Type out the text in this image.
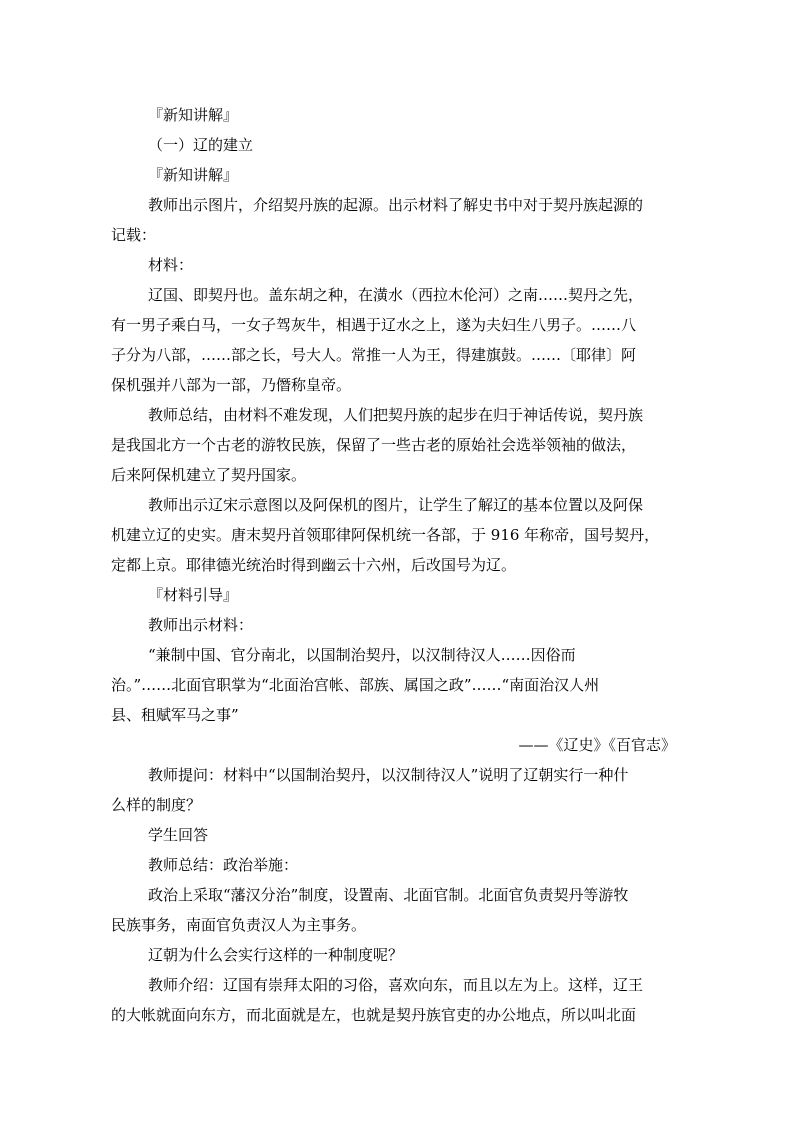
『新知讲解』
（一）辽的建立
『新知讲解』
教师出示图片，介绍契丹族的起源。出示材料了解史书中对于契丹族起源的
记载：
材料：
辽国、即契丹也。盖东胡之种，在潢水（西拉木伦河）之南……契丹之先，
有一男子乘白马，一女子驾灰牛，相遇于辽水之上，遂为夫妇生八男子。……八
子分为八部，……部之长，号大人。常推一人为王，得建旗鼓。……〔耶律〕阿
保机强并八部为一部，乃僭称皇帝。
教师总结，由材料不难发现，人们把契丹族的起步在归于神话传说，契丹族
是我国北方一个古老的游牧民族，保留了一些古老的原始社会选举领袖的做法，
后来阿保机建立了契丹国家。
教师出示辽宋示意图以及阿保机的图片，让学生了解辽的基本位置以及阿保
机建立辽的史实。唐末契丹首领耶律阿保机统一各部，于 916 年称帝，国号契丹，
定都上京。耶律德光统治时得到幽云十六州，后改国号为辽。
『材料引导』
教师出示材料：
“兼制中国、官分南北，以国制治契丹，以汉制待汉人……因俗而
治。”……北面官职掌为“北面治宫帐、部族、属国之政”……“南面治汉人州
县、租赋军马之事”
——《辽史》《百官志》
教师提问：材料中“以国制治契丹，以汉制待汉人”说明了辽朝实行一种什
么样的制度？
学生回答
教师总结：政治举施：
政治上采取“藩汉分治”制度，设置南、北面官制。北面官负责契丹等游牧
民族事务，南面官负责汉人为主事务。
辽朝为什么会实行这样的一种制度呢？
教师介绍：辽国有崇拜太阳的习俗，喜欢向东，而且以左为上。这样，辽王
的大帐就面向东方，而北面就是左，也就是契丹族官吏的办公地点，所以叫北面
